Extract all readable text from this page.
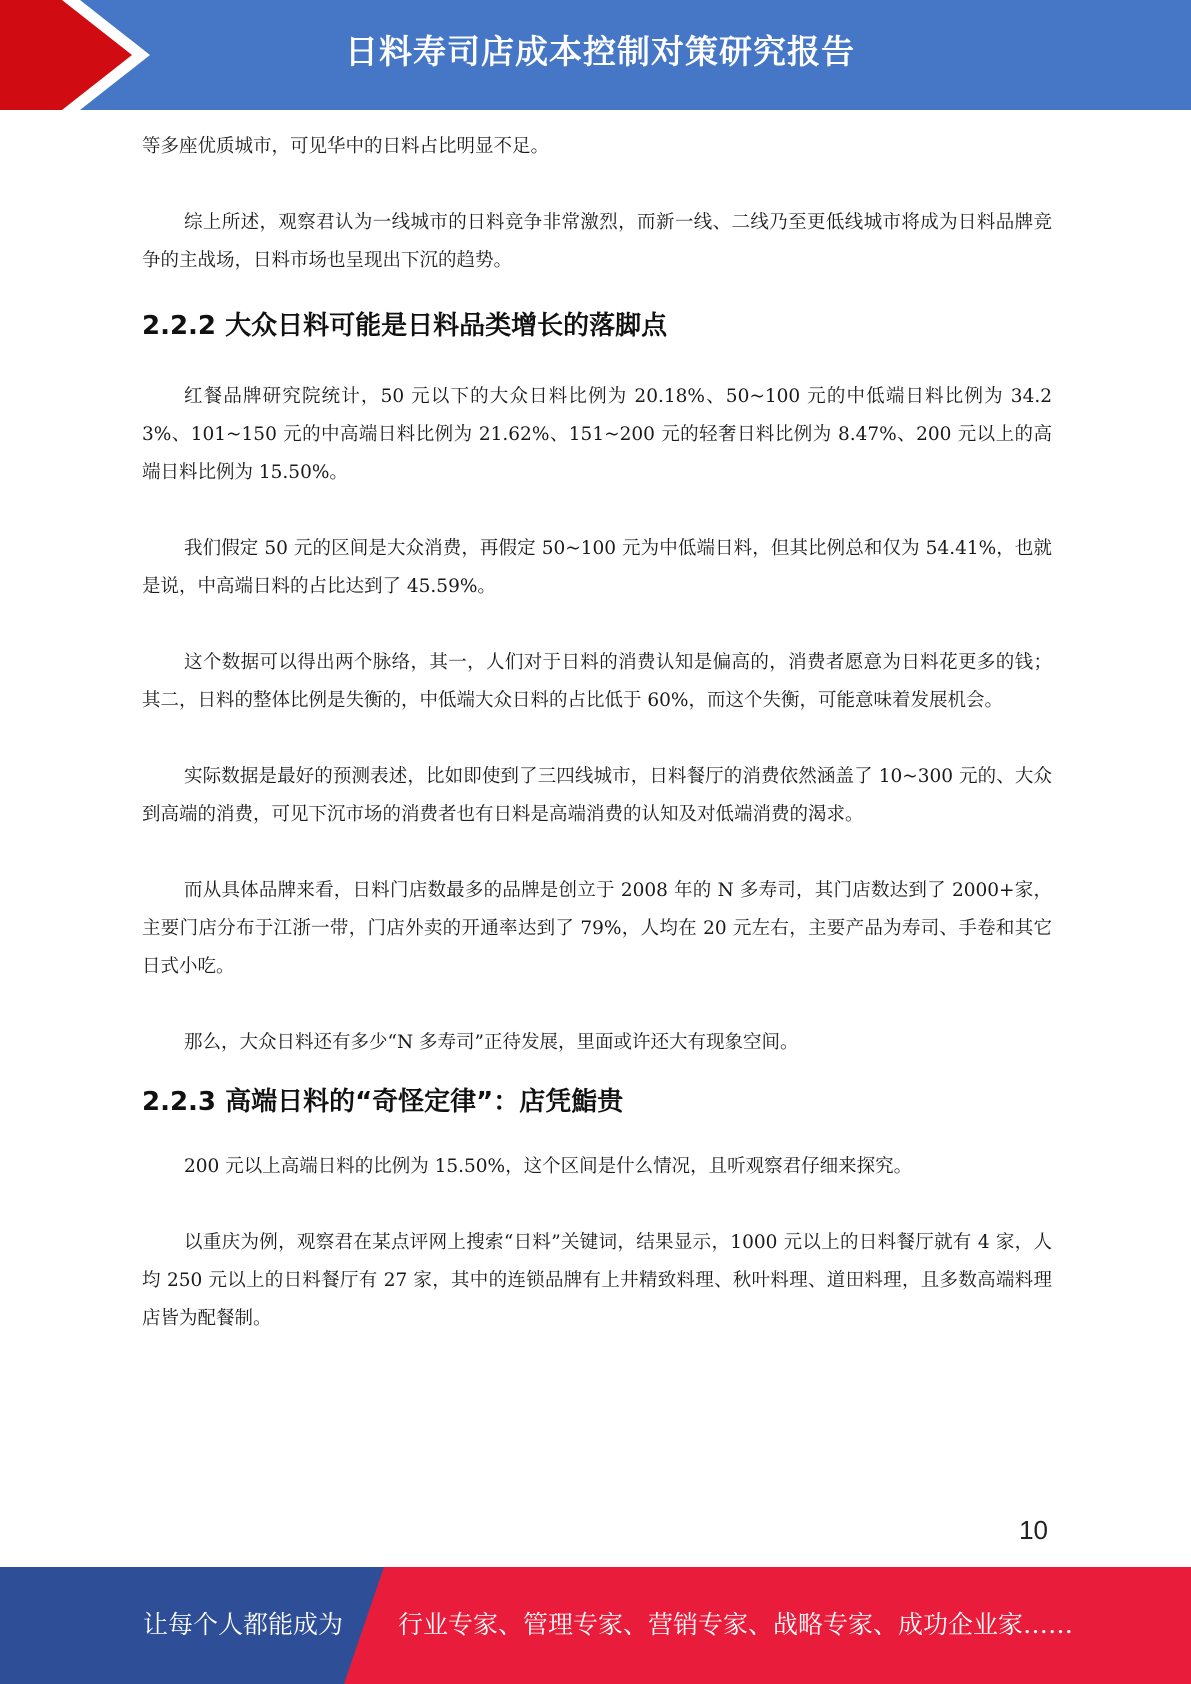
日料寿司店成本控制对策研究报告

等多座优质城市，可见华中的日料占比明显不足。

综上所述，观察君认为一线城市的日料竞争非常激烈，而新一线、二线乃至更低线城市将成为日料品牌竞争的主战场，日料市场也呈现出下沉的趋势。

2.2.2 大众日料可能是日料品类增长的落脚点

红餐品牌研究院统计，50 元以下的大众日料比例为 20.18%、50~100 元的中低端日料比例为 34.23%、101~150 元的中高端日料比例为 21.62%、151~200 元的轻奢日料比例为 8.47%、200 元以上的高端日料比例为 15.50%。

我们假定 50 元的区间是大众消费，再假定 50~100 元为中低端日料，但其比例总和仅为 54.41%，也就是说，中高端日料的占比达到了 45.59%。

这个数据可以得出两个脉络，其一，人们对于日料的消费认知是偏高的，消费者愿意为日料花更多的钱；其二，日料的整体比例是失衡的，中低端大众日料的占比低于 60%，而这个失衡，可能意味着发展机会。

实际数据是最好的预测表述，比如即使到了三四线城市，日料餐厅的消费依然涵盖了 10~300 元的、大众到高端的消费，可见下沉市场的消费者也有日料是高端消费的认知及对低端消费的渴求。

而从具体品牌来看，日料门店数最多的品牌是创立于 2008 年的 N 多寿司，其门店数达到了 2000+家，主要门店分布于江浙一带，门店外卖的开通率达到了 79%，人均在 20 元左右，主要产品为寿司、手卷和其它日式小吃。

那么，大众日料还有多少“N 多寿司”正待发展，里面或许还大有现象空间。

2.2.3 高端日料的“奇怪定律”：店凭鮨贵

200 元以上高端日料的比例为 15.50%，这个区间是什么情况，且听观察君仔细来探究。

以重庆为例，观察君在某点评网上搜索“日料”关键词，结果显示，1000 元以上的日料餐厅就有 4 家，人均 250 元以上的日料餐厅有 27 家，其中的连锁品牌有上井精致料理、秋叶料理、道田料理，且多数高端料理店皆为配餐制。

10
让每个人都能成为 行业专家、管理专家、营销专家、战略专家、成功企业家……
